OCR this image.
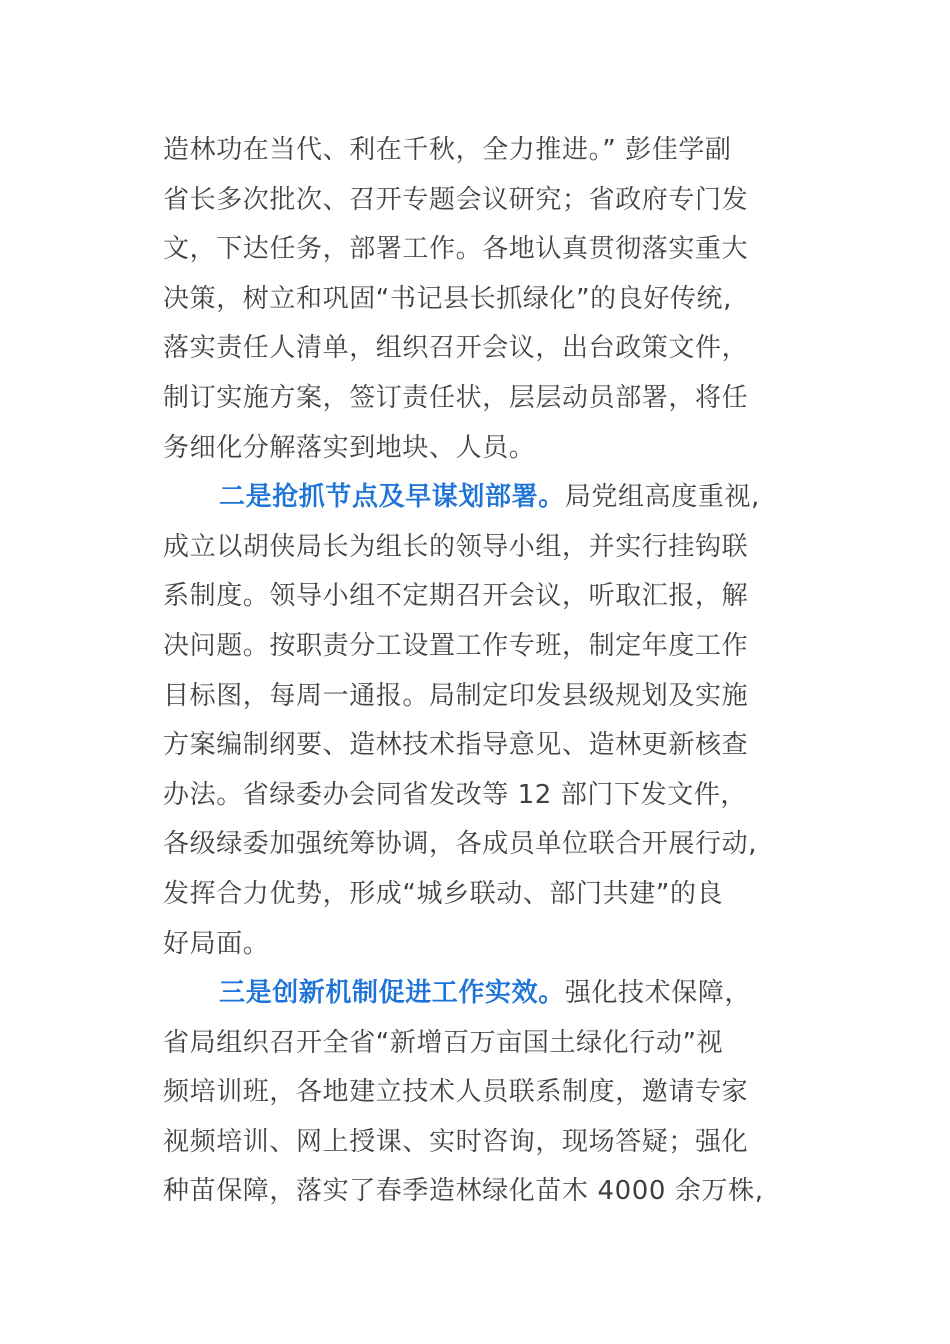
造林功在当代、利在千秋，全力推进。” 彭佳学副
省长多次批次、召开专题会议研究；省政府专门发
文，下达任务，部署工作。各地认真贯彻落实重大
决策，树立和巩固“书记县长抓绿化”的良好传统,
落实责任人清单，组织召开会议，出台政策文件，
制订实施方案，签订责任状，层层动员部署，将任
务细化分解落实到地块、人员。
二是抢抓节点及早谋划部署。局党组高度重视,
成立以胡侠局长为组长的领导小组，并实行挂钩联
系制度。领导小组不定期召开会议，听取汇报，解
决问题。按职责分工设置工作专班，制定年度工作
目标图，每周一通报。局制定印发县级规划及实施
方案编制纲要、造林技术指导意见、造林更新核查
办法。省绿委办会同省发改等 12 部门下发文件，
各级绿委加强统筹协调，各成员单位联合开展行动,
发挥合力优势，形成“城乡联动、部门共建”的良
好局面。
三是创新机制促进工作实效。强化技术保障，
省局组织召开全省“新增百万亩国土绿化行动”视
频培训班，各地建立技术人员联系制度，邀请专家
视频培训、网上授课、实时咨询，现场答疑；强化
种苗保障，落实了春季造林绿化苗木 4000 余万株,
